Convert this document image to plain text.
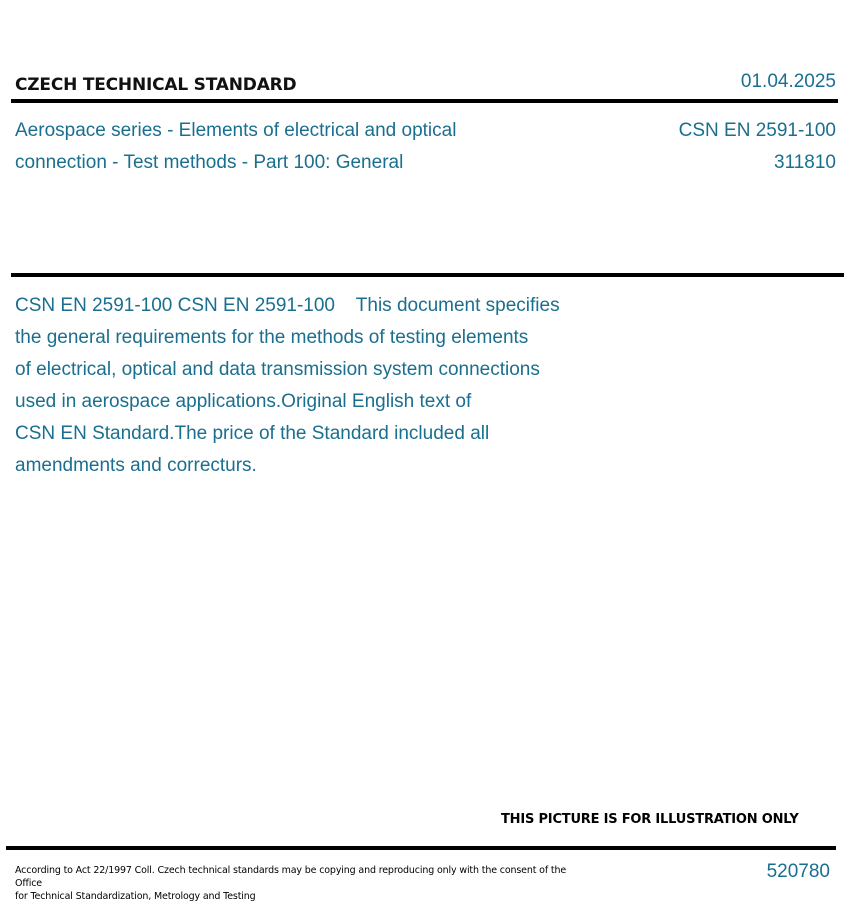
CZECH TECHNICAL STANDARD	01.04.2025
Aerospace series - Elements of electrical and optical
connection - Test methods - Part 100: General
CSN EN 2591-100
311810
CSN EN 2591-100 CSN EN 2591-100    This document specifies
the general requirements for the methods of testing elements
of electrical, optical and data transmission system connections
used in aerospace applications.Original English text of
CSN EN Standard.The price of the Standard included all
amendments and correcturs.
THIS PICTURE IS FOR ILLUSTRATION ONLY
According to Act 22/1997 Coll. Czech technical standards may be copying and reproducing only with the consent of the Office
for Technical Standardization, Metrology and Testing
520780
